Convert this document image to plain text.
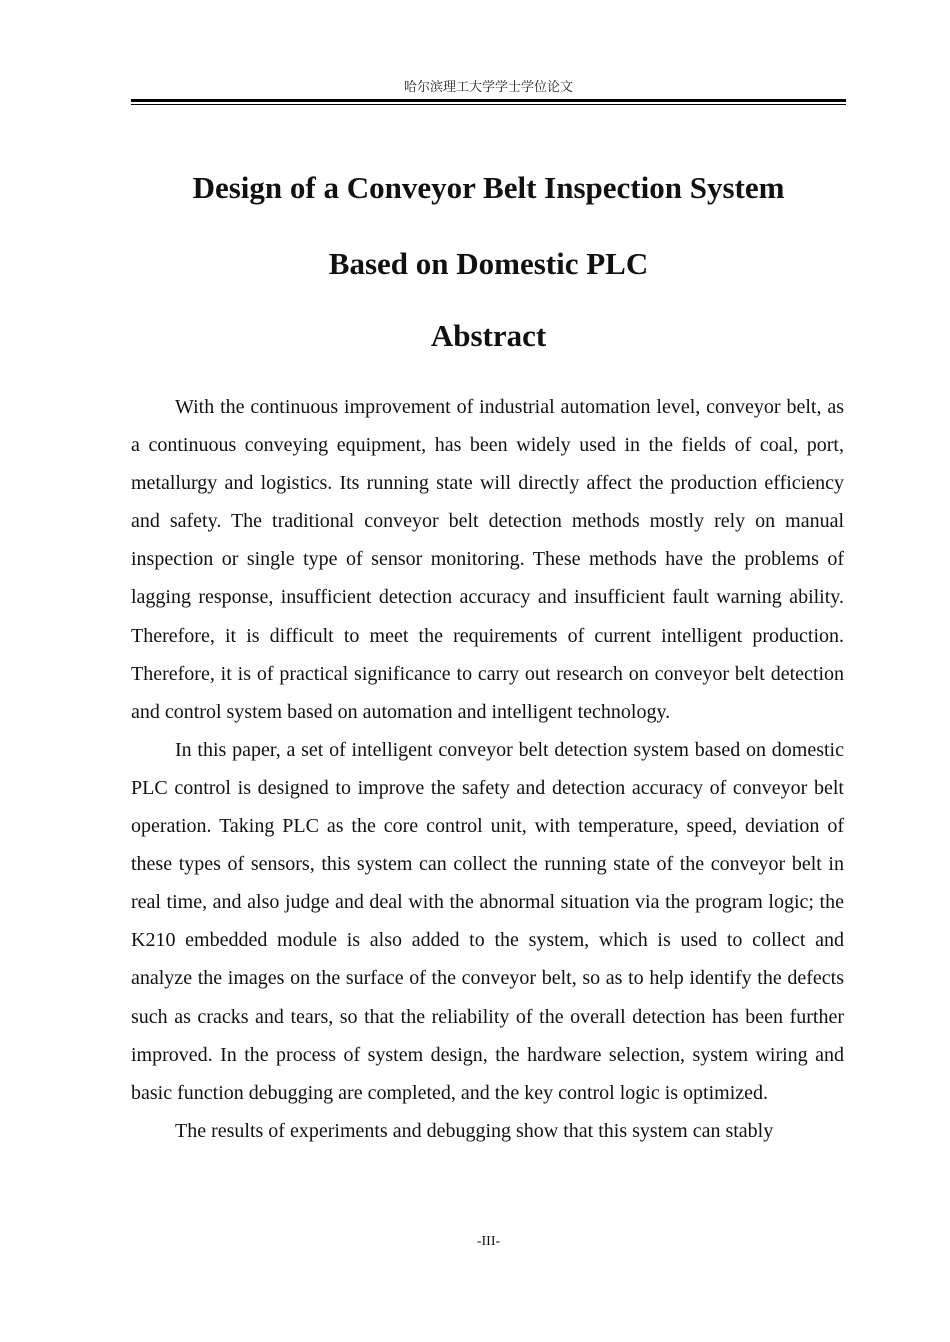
哈尔滨理工大学学士学位论文
Design of a Conveyor Belt Inspection System
Based on Domestic PLC
Abstract

With the continuous improvement of industrial automation level, conveyor belt, as a continuous conveying equipment, has been widely used in the fields of coal, port, metallurgy and logistics. Its running state will directly affect the production efficiency and safety. The traditional conveyor belt detection methods mostly rely on manual inspection or single type of sensor monitoring. These methods have the problems of lagging response, insufficient detection accuracy and insufficient fault warning ability. Therefore, it is difficult to meet the requirements of current intelligent production. Therefore, it is of practical significance to carry out research on conveyor belt detection and control system based on automation and intelligent technology.

In this paper, a set of intelligent conveyor belt detection system based on domestic PLC control is designed to improve the safety and detection accuracy of conveyor belt operation. Taking PLC as the core control unit, with temperature, speed, deviation of these types of sensors, this system can collect the running state of the conveyor belt in real time, and also judge and deal with the abnormal situation via the program logic; the K210 embedded module is also added to the system, which is used to collect and analyze the images on the surface of the conveyor belt, so as to help identify the defects such as cracks and tears, so that the reliability of the overall detection has been further improved. In the process of system design, the hardware selection, system wiring and basic function debugging are completed, and the key control logic is optimized.

The results of experiments and debugging show that this system can stably

-III-
